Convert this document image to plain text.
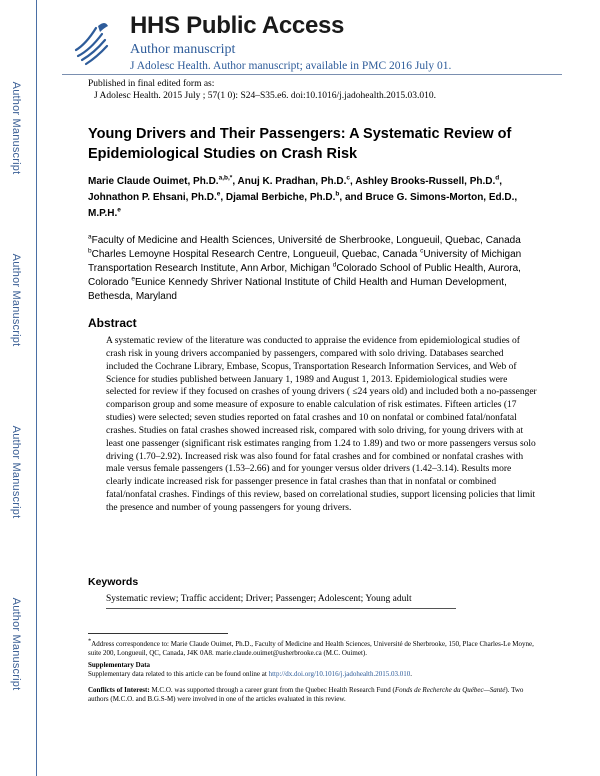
Author Manuscript
Author Manuscript
Author Manuscript
Author Manuscript
HHS Public Access
Author manuscript
J Adolesc Health. Author manuscript; available in PMC 2016 July 01.
Published in final edited form as:
J Adolesc Health. 2015 July ; 57(1 0): S24–S35.e6. doi:10.1016/j.jadohealth.2015.03.010.
Young Drivers and Their Passengers: A Systematic Review of Epidemiological Studies on Crash Risk
Marie Claude Ouimet, Ph.D.$^{a,b,*}$, Anuj K. Pradhan, Ph.D.$^c$, Ashley Brooks-Russell, Ph.D.$^d$, Johnathon P. Ehsani, Ph.D.$^e$, Djamal Berbiche, Ph.D.$^b$, and Bruce G. Simons-Morton, Ed.D., M.P.H.$^e$
$^a$Faculty of Medicine and Health Sciences, Université de Sherbrooke, Longueuil, Quebac, Canada $^b$Charles Lemoyne Hospital Research Centre, Longueuil, Quebac, Canada $^c$University of Michigan Transportation Research Institute, Ann Arbor, Michigan $^d$Colorado School of Public Health, Aurora, Colorado $^e$Eunice Kennedy Shriver National Institute of Child Health and Human Development, Bethesda, Maryland
Abstract
A systematic review of the literature was conducted to appraise the evidence from epidemiological studies of crash risk in young drivers accompanied by passengers, compared with solo driving. Databases searched included the Cochrane Library, Embase, Scopus, Transportation Research Information Services, and Web of Science for studies published between January 1, 1989 and August 1, 2013. Epidemiological studies were selected for review if they focused on crashes of young drivers ( ≤24 years old) and included both a no-passenger comparison group and some measure of exposure to enable calculation of risk estimates. Fifteen articles (17 studies) were selected; seven studies reported on fatal crashes and 10 on nonfatal or combined fatal/nonfatal crashes. Studies on fatal crashes showed increased risk, compared with solo driving, for young drivers with at least one passenger (significant risk estimates ranging from 1.24 to 1.89) and two or more passengers versus solo driving (1.70–2.92). Increased risk was also found for fatal crashes and for combined or nonfatal crashes with male versus female passengers (1.53–2.66) and for younger versus older drivers (1.42–3.14). Results more clearly indicate increased risk for passenger presence in fatal crashes than that in nonfatal or combined fatal/nonfatal crashes. Findings of this review, based on correlational studies, support licensing policies that limit the presence and number of young passengers for young drivers.
Keywords
Systematic review; Traffic accident; Driver; Passenger; Adolescent; Young adult
*Address correspondence to: Marie Claude Ouimet, Ph.D., Faculty of Medicine and Health Sciences, Université de Sherbrooke, 150, Place Charles-Le Moyne, suite 200, Longueuil, QC, Canada, J4K 0A8. marie.claude.ouimet@usherbrooke.ca (M.C. Ouimet).
Supplementary Data
Supplementary data related to this article can be found online at http://dx.doi.org/10.1016/j.jadohealth.2015.03.010.
Conflicts of Interest: M.C.O. was supported through a career grant from the Quebec Health Research Fund (Fonds de Recherche du Québec—Santé). Two authors (M.C.O. and B.G.S-M) were involved in one of the articles evaluated in this review.
